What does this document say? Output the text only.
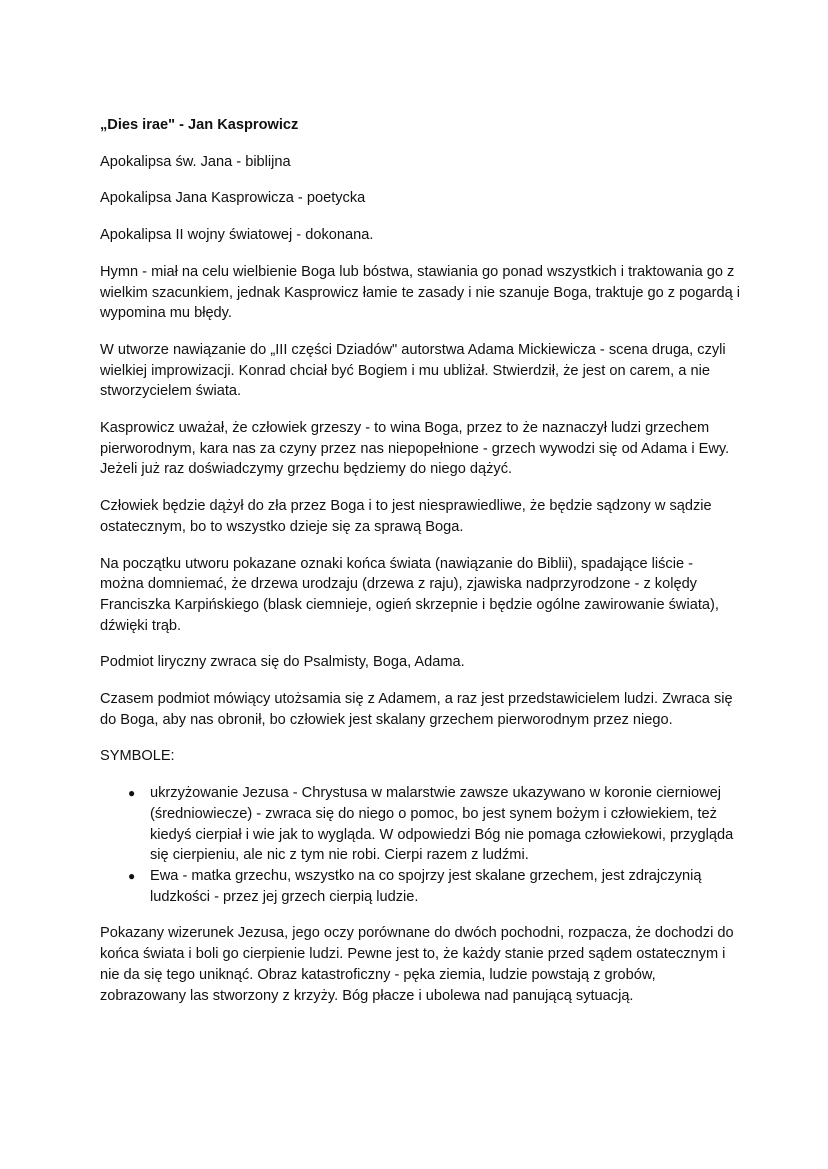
„Dies irae" - Jan Kasprowicz

Apokalipsa św. Jana - biblijna

Apokalipsa Jana Kasprowicza - poetycka

Apokalipsa II wojny światowej - dokonana.

Hymn - miał na celu wielbienie Boga lub bóstwa, stawiania go ponad wszystkich i traktowania go z wielkim szacunkiem, jednak Kasprowicz łamie te zasady i nie szanuje Boga, traktuje go z pogardą i wypomina mu błędy.

W utworze nawiązanie do „III części Dziadów" autorstwa Adama Mickiewicza - scena druga, czyli wielkiej improwizacji. Konrad chciał być Bogiem i mu ubliżał. Stwierdził, że jest on carem, a nie stworzycielem świata.

Kasprowicz uważał, że człowiek grzeszy - to wina Boga, przez to że naznaczył ludzi grzechem pierworodnym, kara nas za czyny przez nas niepopełnione - grzech wywodzi się od Adama i Ewy. Jeżeli już raz doświadczymy grzechu będziemy do niego dążyć.

Człowiek będzie dążył do zła przez Boga i to jest niesprawiedliwe, że będzie sądzony w sądzie ostatecznym, bo to wszystko dzieje się za sprawą Boga.

Na początku utworu pokazane oznaki końca świata (nawiązanie do Biblii), spadające liście - można domniemać, że drzewa urodzaju (drzewa z raju), zjawiska nadprzyrodzone - z kolędy Franciszka Karpińskiego (blask ciemnieje, ogień skrzepnie i będzie ogólne zawirowanie świata), dźwięki trąb.

Podmiot liryczny zwraca się do Psalmisty, Boga, Adama.

Czasem podmiot mówiący utożsamia się z Adamem, a raz jest przedstawicielem ludzi. Zwraca się do Boga, aby nas obronił, bo człowiek jest skalany grzechem pierworodnym przez niego.

SYMBOLE:

● ukrzyżowanie Jezusa - Chrystusa w malarstwie zawsze ukazywano w koronie cierniowej (średniowiecze) - zwraca się do niego o pomoc, bo jest synem bożym i człowiekiem, też kiedyś cierpiał i wie jak to wygląda. W odpowiedzi Bóg nie pomaga człowiekowi, przygląda się cierpieniu, ale nic z tym nie robi. Cierpi razem z ludźmi.
● Ewa - matka grzechu, wszystko na co spojrzy jest skalane grzechem, jest zdrajczynią ludzkości - przez jej grzech cierpią ludzie.

Pokazany wizerunek Jezusa, jego oczy porównane do dwóch pochodni, rozpacza, że dochodzi do końca świata i boli go cierpienie ludzi. Pewne jest to, że każdy stanie przed sądem ostatecznym i nie da się tego uniknąć. Obraz katastroficzny - pęka ziemia, ludzie powstają z grobów, zobrazowany las stworzony z krzyży. Bóg płacze i ubolewa nad panującą sytuacją.
